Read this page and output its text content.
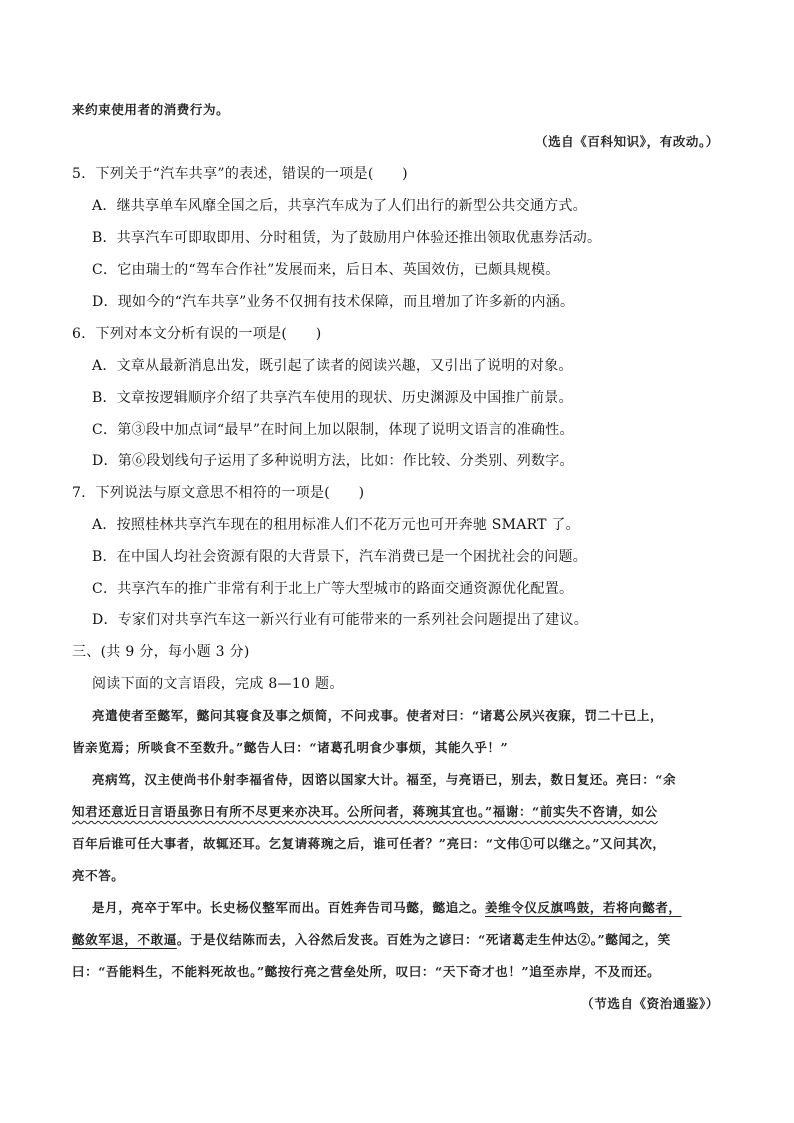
来约束使用者的消费行为。
（选自《百科知识》，有改动。）
5．下列关于“汽车共享”的表述，错误的一项是(　　)
A．继共享单车风靡全国之后，共享汽车成为了人们出行的新型公共交通方式。
B．共享汽车可即取即用、分时租赁，为了鼓励用户体验还推出领取优惠券活动。
C．它由瑞士的“驾车合作社”发展而来，后日本、英国效仿，已颇具规模。
D．现如今的“汽车共享”业务不仅拥有技术保障，而且增加了许多新的内涵。
6．下列对本文分析有误的一项是(　　)
A．文章从最新消息出发，既引起了读者的阅读兴趣，又引出了说明的对象。
B．文章按逻辑顺序介绍了共享汽车使用的现状、历史渊源及中国推广前景。
C．第③段中加点词“最早”在时间上加以限制，体现了说明文语言的准确性。
D．第⑥段划线句子运用了多种说明方法，比如：作比较、分类别、列数字。
7．下列说法与原文意思不相符的一项是(　　)
A．按照桂林共享汽车现在的租用标准人们不花万元也可开奔驰 SMART 了。
B．在中国人均社会资源有限的大背景下，汽车消费已是一个困扰社会的问题。
C．共享汽车的推广非常有利于北上广等大型城市的路面交通资源优化配置。
D．专家们对共享汽车这一新兴行业有可能带来的一系列社会问题提出了建议。
三、(共 9 分，每小题 3 分)
阅读下面的文言语段，完成 8—10 题。
亮遣使者至懿军，懿问其寝食及事之烦简，不问戎事。使者对曰：“诸葛公夙兴夜寐，罚二十已上，
皆亲览焉；所啖食不至数升。”懿告人曰：“诸葛孔明食少事烦，其能久乎！”
亮病笃，汉主使尚书仆射李福省侍，因谘以国家大计。福至，与亮语已，别去，数日复还。亮曰：“余
知君还意近日言语虽弥日有所不尽更来亦决耳。公所问者，蒋琬其宜也。”福谢：“前实失不咨请，如公
百年后谁可任大事者，故辄还耳。乞复请蒋琬之后，谁可任者？”亮曰：“文伟①可以继之。”又问其次，
亮不答。
是月，亮卒于军中。长史杨仪整军而出。百姓奔告司马懿，懿追之。姜维令仪反旗鸣鼓，若将向懿者，
懿敛军退，不敢逼。于是仪结陈而去，入谷然后发丧。百姓为之谚曰：“死诸葛走生仲达②。”懿闻之，笑
曰：“吾能料生，不能料死故也。”懿按行亮之营垒处所，叹曰：“天下奇才也！”追至赤岸，不及而还。
（节选自《资治通鉴》）
